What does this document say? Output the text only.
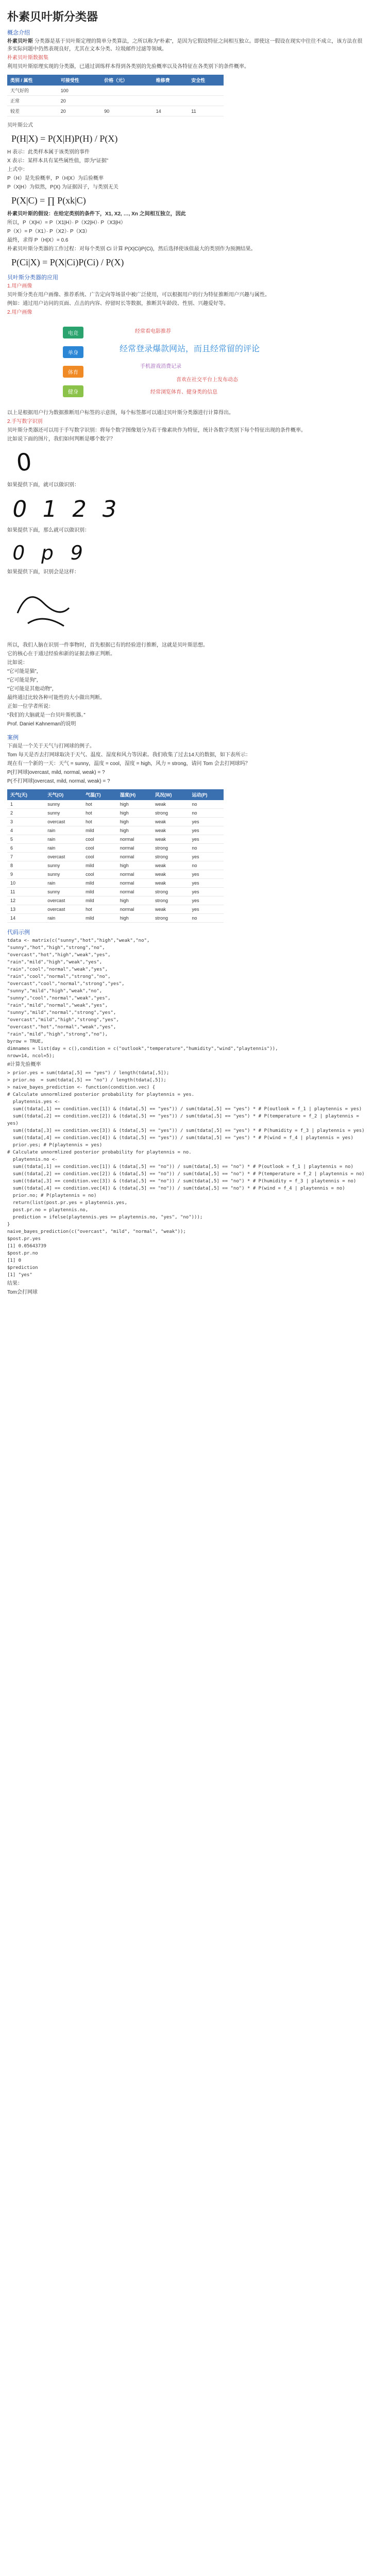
朴素贝叶斯分类器
概念介绍
朴素贝叶斯 分类器是基于贝叶斯定理的简单分类算法，之所以称为“朴素”，是因为它假设特征之间相互独立。即使这一假设在现实中往往不成立，该方法在很多实际问题中仍然表现良好，尤其在文本分类、垃圾邮件过滤等领域。
朴素贝叶斯数据集
利用贝叶斯原理实现的分类器，已通过训练样本得到各类别的先验概率以及各特征在各类别下的条件概率。
类别 / 属性	可接受性	价格（元）	维修费	安全性
天气好的	100			
正常	20			
较差	20	90	14	11
贝叶斯公式
P(H|X) = P(X|H)P(H) / P(X)
H 表示：此类样本属于该类别的事件
X 表示：某样本具有某些属性值，即为“证据”
上式中：
P（H）是先验概率，P（H|X）为后验概率
P（X|H）为似然，P(X) 为证据因子，与类别无关
P(X|C) = ∏ P(xk|C)
朴素贝叶斯的假设：在给定类别的条件下，X1, X2, …, Xn 之间相互独立，因此
所以，P（X|H）= P（X1|H）· P（X2|H）· P（X3|H）
P（X）= P（X1）· P（X2）· P（X3）
最终，求得 P（H|X）= 0.6
朴素贝叶斯分类器的工作过程：对每个类别 Ci 计算 P(X|Ci)P(Ci)，然后选择使该值最大的类别作为预测结果。
P(Ci|X) = P(X|Ci)P(Ci) / P(X)
贝叶斯分类器的应用
1.用户画像
贝叶斯分类在用户画像、推荐系统、广告定向等场景中被广泛使用，可以根据用户的行为特征推断用户兴趣与属性。
例如：通过用户访问的页面、点击的内容、停留时长等数据，推断其年龄段、性别、兴趣爱好等。
2.用户画像
电竞
单身
体育
健身
经常看电影推荐
经常登录爆款网站，而且经常留的评论
手机游戏消费记录
喜欢在社交平台上发布动态
经常浏览体育、健身类的信息
以上是根据用户行为数据推断用户标签的示意图，每个标签都可以通过贝叶斯分类器进行计算得出。
2.手写数字识别
贝叶斯分类器还可以用于手写数字识别：将每个数字图像划分为若干像素块作为特征，统计各数字类别下每个特征出现的条件概率。
比如说下面的图片，我们如何判断是哪个数字？
0
如果提供下面，就可以做识别：
0 1 2 3
如果提供下面，那么就可以做识别：
0 p 9
如果提供下面，识别会是这样：
所以，我们人脑在识别一件事物时，首先根据已有的经验进行推断，这就是贝叶斯思想。
它的核心在于通过经验和新的证据去修正判断。
比如说：
“它可能是猫”，
“它可能是狗”，
“它可能是其他动物”，
最终通过比较各种可能性的大小做出判断。
正如一位学者所说：
“我们的大脑就是一台贝叶斯机器。”
Prof. Daniel Kahneman的说明
案例
下面是一个关于天气与打网球的例子。
Tom 每天是否去打网球取决于天气、温度、湿度和风力等因素。我们收集了过去14天的数据，如下表所示：
现在有一个新的一天：天气 = sunny，温度 = cool，湿度 = high，风力 = strong，请问 Tom 会去打网球吗？
P(打网球|overcast, mild, normal, weak) = ?
P(不打网球|overcast, mild, normal, weak) = ?
天气(天)	天气(O)	气温(T)	湿度(H)	风况(W)	运动(P)
1	sunny	hot	high	weak	no
2	sunny	hot	high	strong	no
3	overcast	hot	high	weak	yes
4	rain	mild	high	weak	yes
5	rain	cool	normal	weak	yes
6	rain	cool	normal	strong	no
7	overcast	cool	normal	strong	yes
8	sunny	mild	high	weak	no
9	sunny	cool	normal	weak	yes
10	rain	mild	normal	weak	yes
11	sunny	mild	normal	strong	yes
12	overcast	mild	high	strong	yes
13	overcast	hot	normal	weak	yes
14	rain	mild	high	strong	no
代码示例
tdata <- matrix(c("sunny","hot","high","weak","no",
"sunny","hot","high","strong","no",
"overcast","hot","high","weak","yes",
"rain","mild","high","weak","yes",
"rain","cool","normal","weak","yes",
"rain","cool","normal","strong","no",
"overcast","cool","normal","strong","yes",
"sunny","mild","high","weak","no",
"sunny","cool","normal","weak","yes",
"rain","mild","normal","weak","yes",
"sunny","mild","normal","strong","yes",
"overcast","mild","high","strong","yes",
"overcast","hot","normal","weak","yes",
"rain","mild","high","strong","no"),
byrow = TRUE,
dimnames = list(day = c(),condition = c("outlook","temperature","humidity","wind","playtennis")),
nrow=14, ncol=5);
#计算先验概率
> prior.yes = sum(tdata[,5] == "yes") / length(tdata[,5]);
> prior.no  = sum(tdata[,5] == "no") / length(tdata[,5]);
> naive_bayes_prediction <- function(condition.vec) {
# Calculate unnormlized posterior probability for playtennis = yes.
playtennis.yes <-
sum((tdata[,1] == condition.vec[1]) & (tdata[,5] == "yes")) / sum(tdata[,5] == "yes") * # P(outlook = f_1 | playtennis = yes)
sum((tdata[,2] == condition.vec[2]) & (tdata[,5] == "yes")) / sum(tdata[,5] == "yes") * # P(temperature = f_2 | playtennis = yes)
sum((tdata[,3] == condition.vec[3]) & (tdata[,5] == "yes")) / sum(tdata[,5] == "yes") * # P(humidity = f_3 | playtennis = yes)
sum((tdata[,4] == condition.vec[4]) & (tdata[,5] == "yes")) / sum(tdata[,5] == "yes") * # P(wind = f_4 | playtennis = yes)
prior.yes; # P(playtennis = yes)
# Calculate unnormlized posterior probability for playtennis = no.
playtennis.no <-
sum((tdata[,1] == condition.vec[1]) & (tdata[,5] == "no")) / sum(tdata[,5] == "no") * # P(outlook = f_1 | playtennis = no)
sum((tdata[,2] == condition.vec[2]) & (tdata[,5] == "no")) / sum(tdata[,5] == "no") * # P(temperature = f_2 | playtennis = no)
sum((tdata[,3] == condition.vec[3]) & (tdata[,5] == "no")) / sum(tdata[,5] == "no") * # P(humidity = f_3 | playtennis = no)
sum((tdata[,4] == condition.vec[4]) & (tdata[,5] == "no")) / sum(tdata[,5] == "no") * # P(wind = f_4 | playtennis = no)
prior.no; # P(playtennis = no)
return(list(post.pr.yes = playtennis.yes,
post.pr.no = playtennis.no,
prediction = ifelse(playtennis.yes >= playtennis.no, "yes", "no")));
}
naive_bayes_prediction(c("overcast", "mild", "normal", "weak"));
$post.pr.yes
[1] 0.05643739
$post.pr.no
[1] 0
$prediction
[1] "yes"
结果：
Tom会打网球
